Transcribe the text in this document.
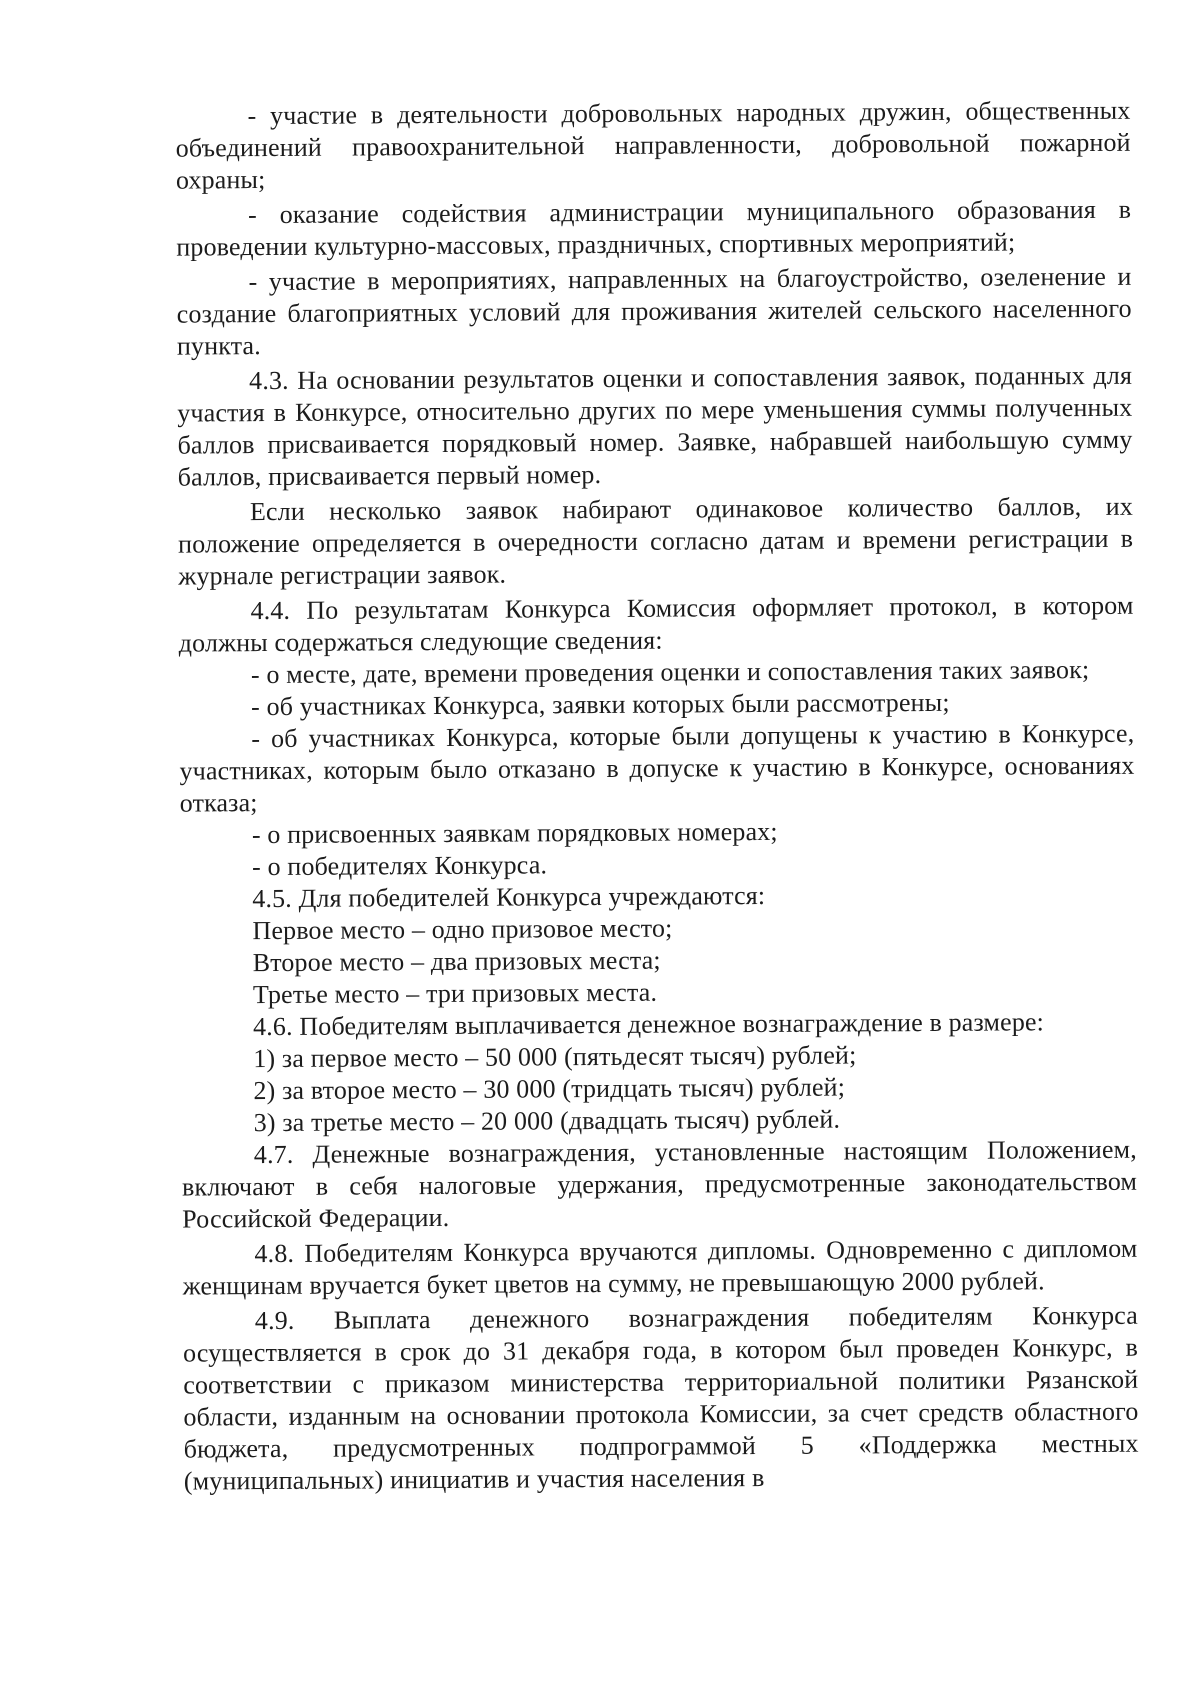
- участие в деятельности добровольных народных дружин, общественных объединений правоохранительной направленности, добровольной пожарной охраны;

- оказание содействия администрации муниципального образования в проведении культурно-массовых, праздничных, спортивных мероприятий;

- участие в мероприятиях, направленных на благоустройство, озеленение и создание благоприятных условий для проживания жителей сельского населенного пункта.

4.3. На основании результатов оценки и сопоставления заявок, поданных для участия в Конкурсе, относительно других по мере уменьшения суммы полученных баллов присваивается порядковый номер. Заявке, набравшей наибольшую сумму баллов, присваивается первый номер.

Если несколько заявок набирают одинаковое количество баллов, их положение определяется в очередности согласно датам и времени регистрации в журнале регистрации заявок.

4.4. По результатам Конкурса Комиссия оформляет протокол, в котором должны содержаться следующие сведения:

- о месте, дате, времени проведения оценки и сопоставления таких заявок;

- об участниках Конкурса, заявки которых были рассмотрены;

- об участниках Конкурса, которые были допущены к участию в Конкурсе, участниках, которым было отказано в допуске к участию в Конкурсе, основаниях отказа;

- о присвоенных заявкам порядковых номерах;

- о победителях Конкурса.

4.5. Для победителей Конкурса учреждаются:

Первое место – одно призовое место;

Второе место – два призовых места;

Третье место – три призовых места.

4.6. Победителям выплачивается денежное вознаграждение в размере:

1) за первое место – 50 000 (пятьдесят тысяч) рублей;

2) за второе место – 30 000 (тридцать тысяч) рублей;

3) за третье место – 20 000 (двадцать тысяч) рублей.

4.7. Денежные вознаграждения, установленные настоящим Положением, включают в себя налоговые удержания, предусмотренные законодательством Российской Федерации.

4.8. Победителям Конкурса вручаются дипломы. Одновременно с дипломом женщинам вручается букет цветов на сумму, не превышающую 2000 рублей.

4.9. Выплата денежного вознаграждения победителям Конкурса осуществляется в срок до 31 декабря года, в котором был проведен Конкурс, в соответствии с приказом министерства территориальной политики Рязанской области, изданным на основании протокола Комиссии, за счет средств областного бюджета, предусмотренных подпрограммой 5 «Поддержка местных (муниципальных) инициатив и участия населения в
